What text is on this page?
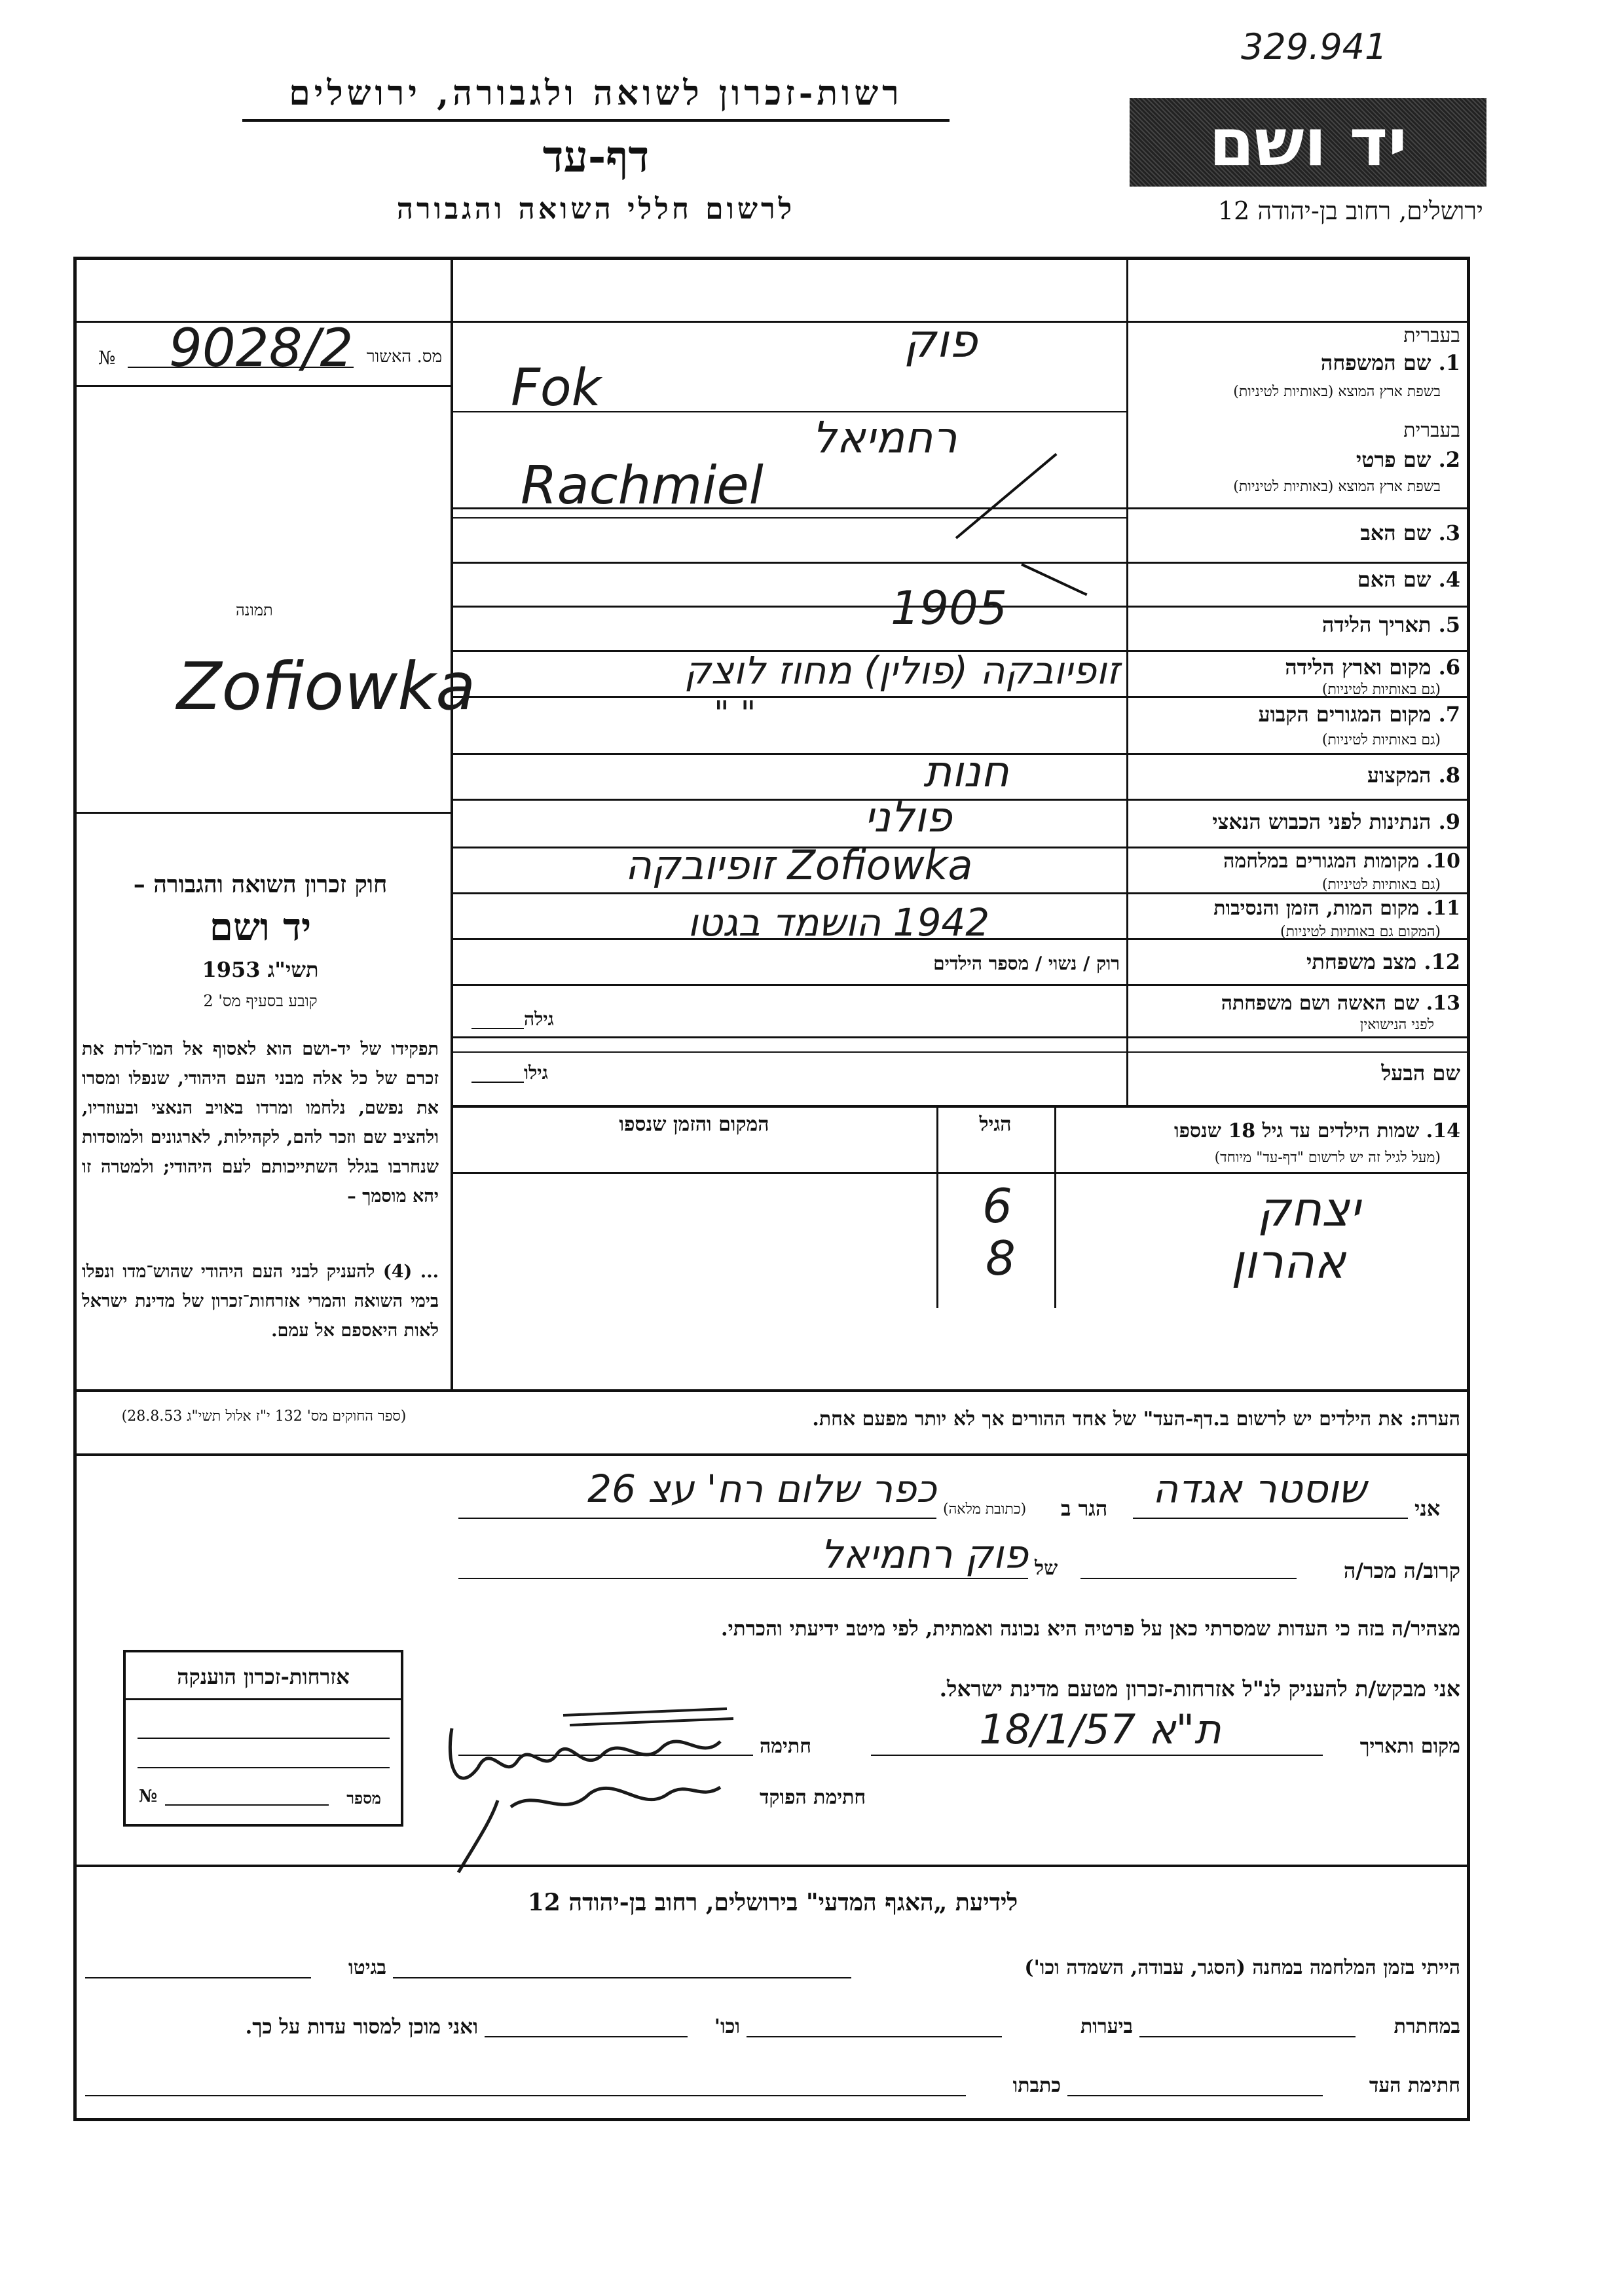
329.941
רשות-זכרון לשואה ולגבורה, ירושלים
דף-עד
לרשום חללי השואה והגבורה
יד ושם
ירושלים, רחוב בן-יהודה 12
מס. האשור
№ 9028/2
תמונה
Zofiowka
חוק זכרון השואה והגבורה –
יד ושם
תשי"ג 1953
קובע בסעיף מס' 2
תפקידו של יד-ושם הוא לאסוף אל המו־לדת את זכרם של כל אלה מבני העם היהודי, שנפלו ומסרו את נפשם, נלחמו ומרדו באויב הנאצי ובעוזריו, ולהציב שם וזכר להם, לקהילות, לארגונים ולמוסדות שנחרבו בגלל השתייכותם לעם היהודי; ולמטרה זו יהא מוסמך –
... (4) להעניק לבני העם היהודי שהוש־מדו ונפלו בימי השואה והמרי אזרחות־זכרון של מדינת ישראל לאות היאספם אל עמם.
(ספר החוקים מס' 132 י"ז אלול תשי"ג 28.8.53)
בעברית
1. שם המשפחה
בשפת ארץ המוצא (באותיות לטיניות)
בעברית
2. שם פרטי
בשפת ארץ המוצא (באותיות לטיניות)
3. שם האב
4. שם האם
5. תאריך הלידה
6. מקום וארץ הלידה
(גם באותיות לטיניות)
7. מקום המגורים הקבוע
(גם באותיות לטיניות)
8. המקצוע
9. הנתינות לפני הכבוש הנאצי
10. מקומות המגורים במלחמה
(גם באותיות לטיניות)
11. מקום המות, הזמן והנסיבות
(המקום גם באותיות לטיניות)
12. מצב משפחתי
רוק / נשוי / מספר הילדים
13. שם האשה ושם משפחתה
לפני הנישואין
גילה
שם הבעל
גילו
פוק
Fok
רחמיאל
Rachmiel
1905
זופיובקה (פולין) מחוז לוצק
" "
חנות
פולני
Zofiowka זופיובקה
1942 הושמד בגטו
14. שמות הילדים עד גיל 18 שנספו
(מעל לגיל זה יש לרשום "דף-עד" מיוחד)
הגיל
המקום והזמן שנספו
יצחק
6
אהרון
8
הערה: את הילדים יש לרשום ב.דף-העד" של אחד ההורים אך לא יותר מפעם אחת.
אני
שוסטר אגדה
הגר ב
(כתובת מלאה)
כפר שלום רח' עצ 26
קרוב/ה מכר/ה
של
פוק רחמיאל
מצהיר/ה בזה כי העדות שמסרתי כאן על פרטיה היא נכונה ואמתית, לפי מיטב ידיעתי והכרתי.
אני מבקש/ת להעניק לנ"ל אזרחות-זכרון מטעם מדינת ישראל.
מקום ותאריך
ת"א 18/1/57
חתימה
חתימת הפוקד
אזרחות-זכרון הוענקה
מספר
№
לידיעת „האגף המדעי" בירושלים, רחוב בן-יהודה 12
הייתי בזמן המלחמה במחנה (הסגר, עבודה, השמדה וכו')
בגיטו
במחתרת
ביערות
וכו'
ואני מוכן למסור עדות על כך.
חתימת העד
כתבתו
